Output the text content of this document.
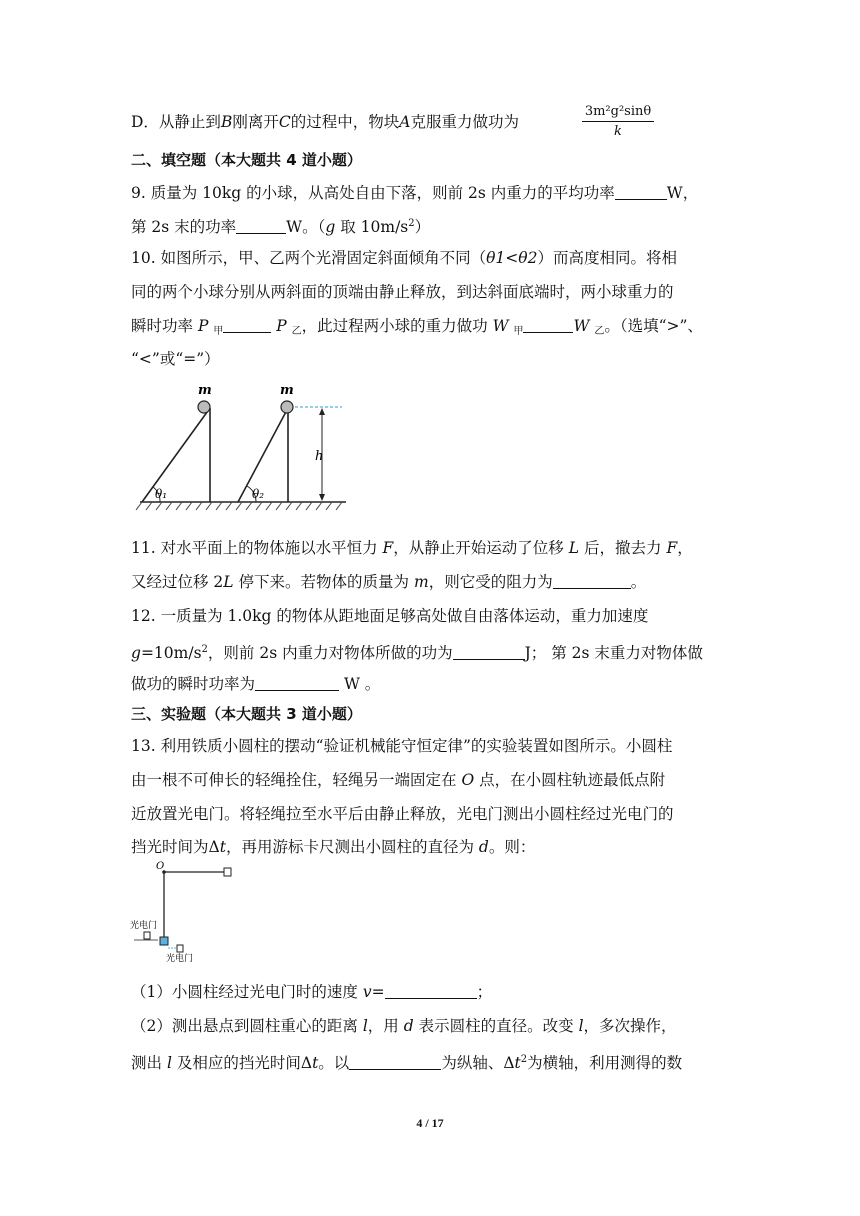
D．从静止到B刚离开C的过程中，物块A克服重力做功为	$\frac{\text{3m²g²sinθ}}{k}$
二、填空题（本大题共 4 道小题）
9. 质量为 10kg 的小球，从高处自由下落，则前 2s 内重力的平均功率	W，
第 2s 末的功率	W。（g 取 $10m/s^2$）
10. 如图所示，甲、乙两个光滑固定斜面倾角不同（θ1<θ2）而高度相同。将相
同的两个小球分别从两斜面的顶端由静止释放，到达斜面底端时，两小球重力的
瞬时功率 P $_甲$	P $_乙$，此过程两小球的重力做功 W $_甲$	W $_乙$。（选填“>”、
“<”或“=”）
m	m
θ₁	θ₂
h
11. 对水平面上的物体施以水平恒力 F，从静止开始运动了位移 L 后，撤去力 F，
又经过位移 2L 停下来。若物体的质量为 m，则它受的阻力为	。
12. 一质量为 1.0kg 的物体从距地面足够高处做自由落体运动，重力加速度
$g=10m/s^2$，则前 2s 内重力对物体所做的功为	J； 第 2s 末重力对物体做
做功的瞬时功率为	W 。
三、实验题（本大题共 3 道小题）
13. 利用铁质小圆柱的摆动“验证机械能守恒定律”的实验装置如图所示。小圆柱
由一根不可伸长的轻绳拴住，轻绳另一端固定在 O 点，在小圆柱轨迹最低点附
近放置光电门。将轻绳拉至水平后由静止释放，光电门测出小圆柱经过光电门的
挡光时间为Δt，再用游标卡尺测出小圆柱的直径为 d。则：
O
光电门
光电门
（1）小圆柱经过光电门时的速度 v=	；
（2）测出悬点到圆柱重心的距离 l，用 d 表示圆柱的直径。改变 l，多次操作，
测出 l 及相应的挡光时间Δt。以	为纵轴、$\Delta t^2$为横轴，利用测得的数
4 / 17
